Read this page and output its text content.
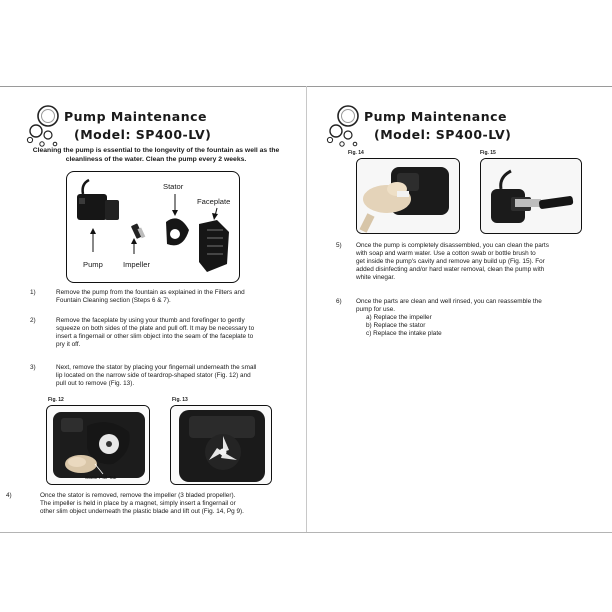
Pump Maintenance
(Model: SP400-LV)
Cleaning the pump is essential to the longevity of the fountain as well as the cleanliness of the water. Clean the pump every 2 weeks.
Stator
Faceplate
Pump	Impeller
1)	Remove the pump from the fountain as explained in the Filters and
Fountain Cleaning section (Steps 6 & 7).
2)	Remove the faceplate by using your thumb and forefinger to gently
squeeze on both sides of the plate and pull off. It may be necessary to
insert a fingernail or other slim object into the seam of the faceplate to
pry it off.
3)	Next, remove the stator by placing your fingernail underneath the small
lip located on the narrow side of teardrop-shaped stator (Fig. 12) and
pull out to remove (Fig. 13).
Fig. 12
Stator Pull-Tab
Fig. 13
4)	Once the stator is removed, remove the impeller (3 bladed propeller).
The impeller is held in place by a magnet, simply insert a fingernail or
other slim object underneath the plastic blade and lift out (Fig. 14, Pg 9).
Pump Maintenance
(Model: SP400-LV)
Fig. 14	Fig. 15
5) Once the pump is completely disassembled, you can clean the parts
with soap and warm water. Use a cotton swab or bottle brush to
get inside the pump's cavity and remove any build up (Fig. 15). For
added disinfecting and/or hard water removal, clean the pump with
white vinegar.
6) Once the parts are clean and well rinsed, you can reassemble the
pump for use.
a) Replace the impeller
b) Replace the stator
c) Replace the intake plate
